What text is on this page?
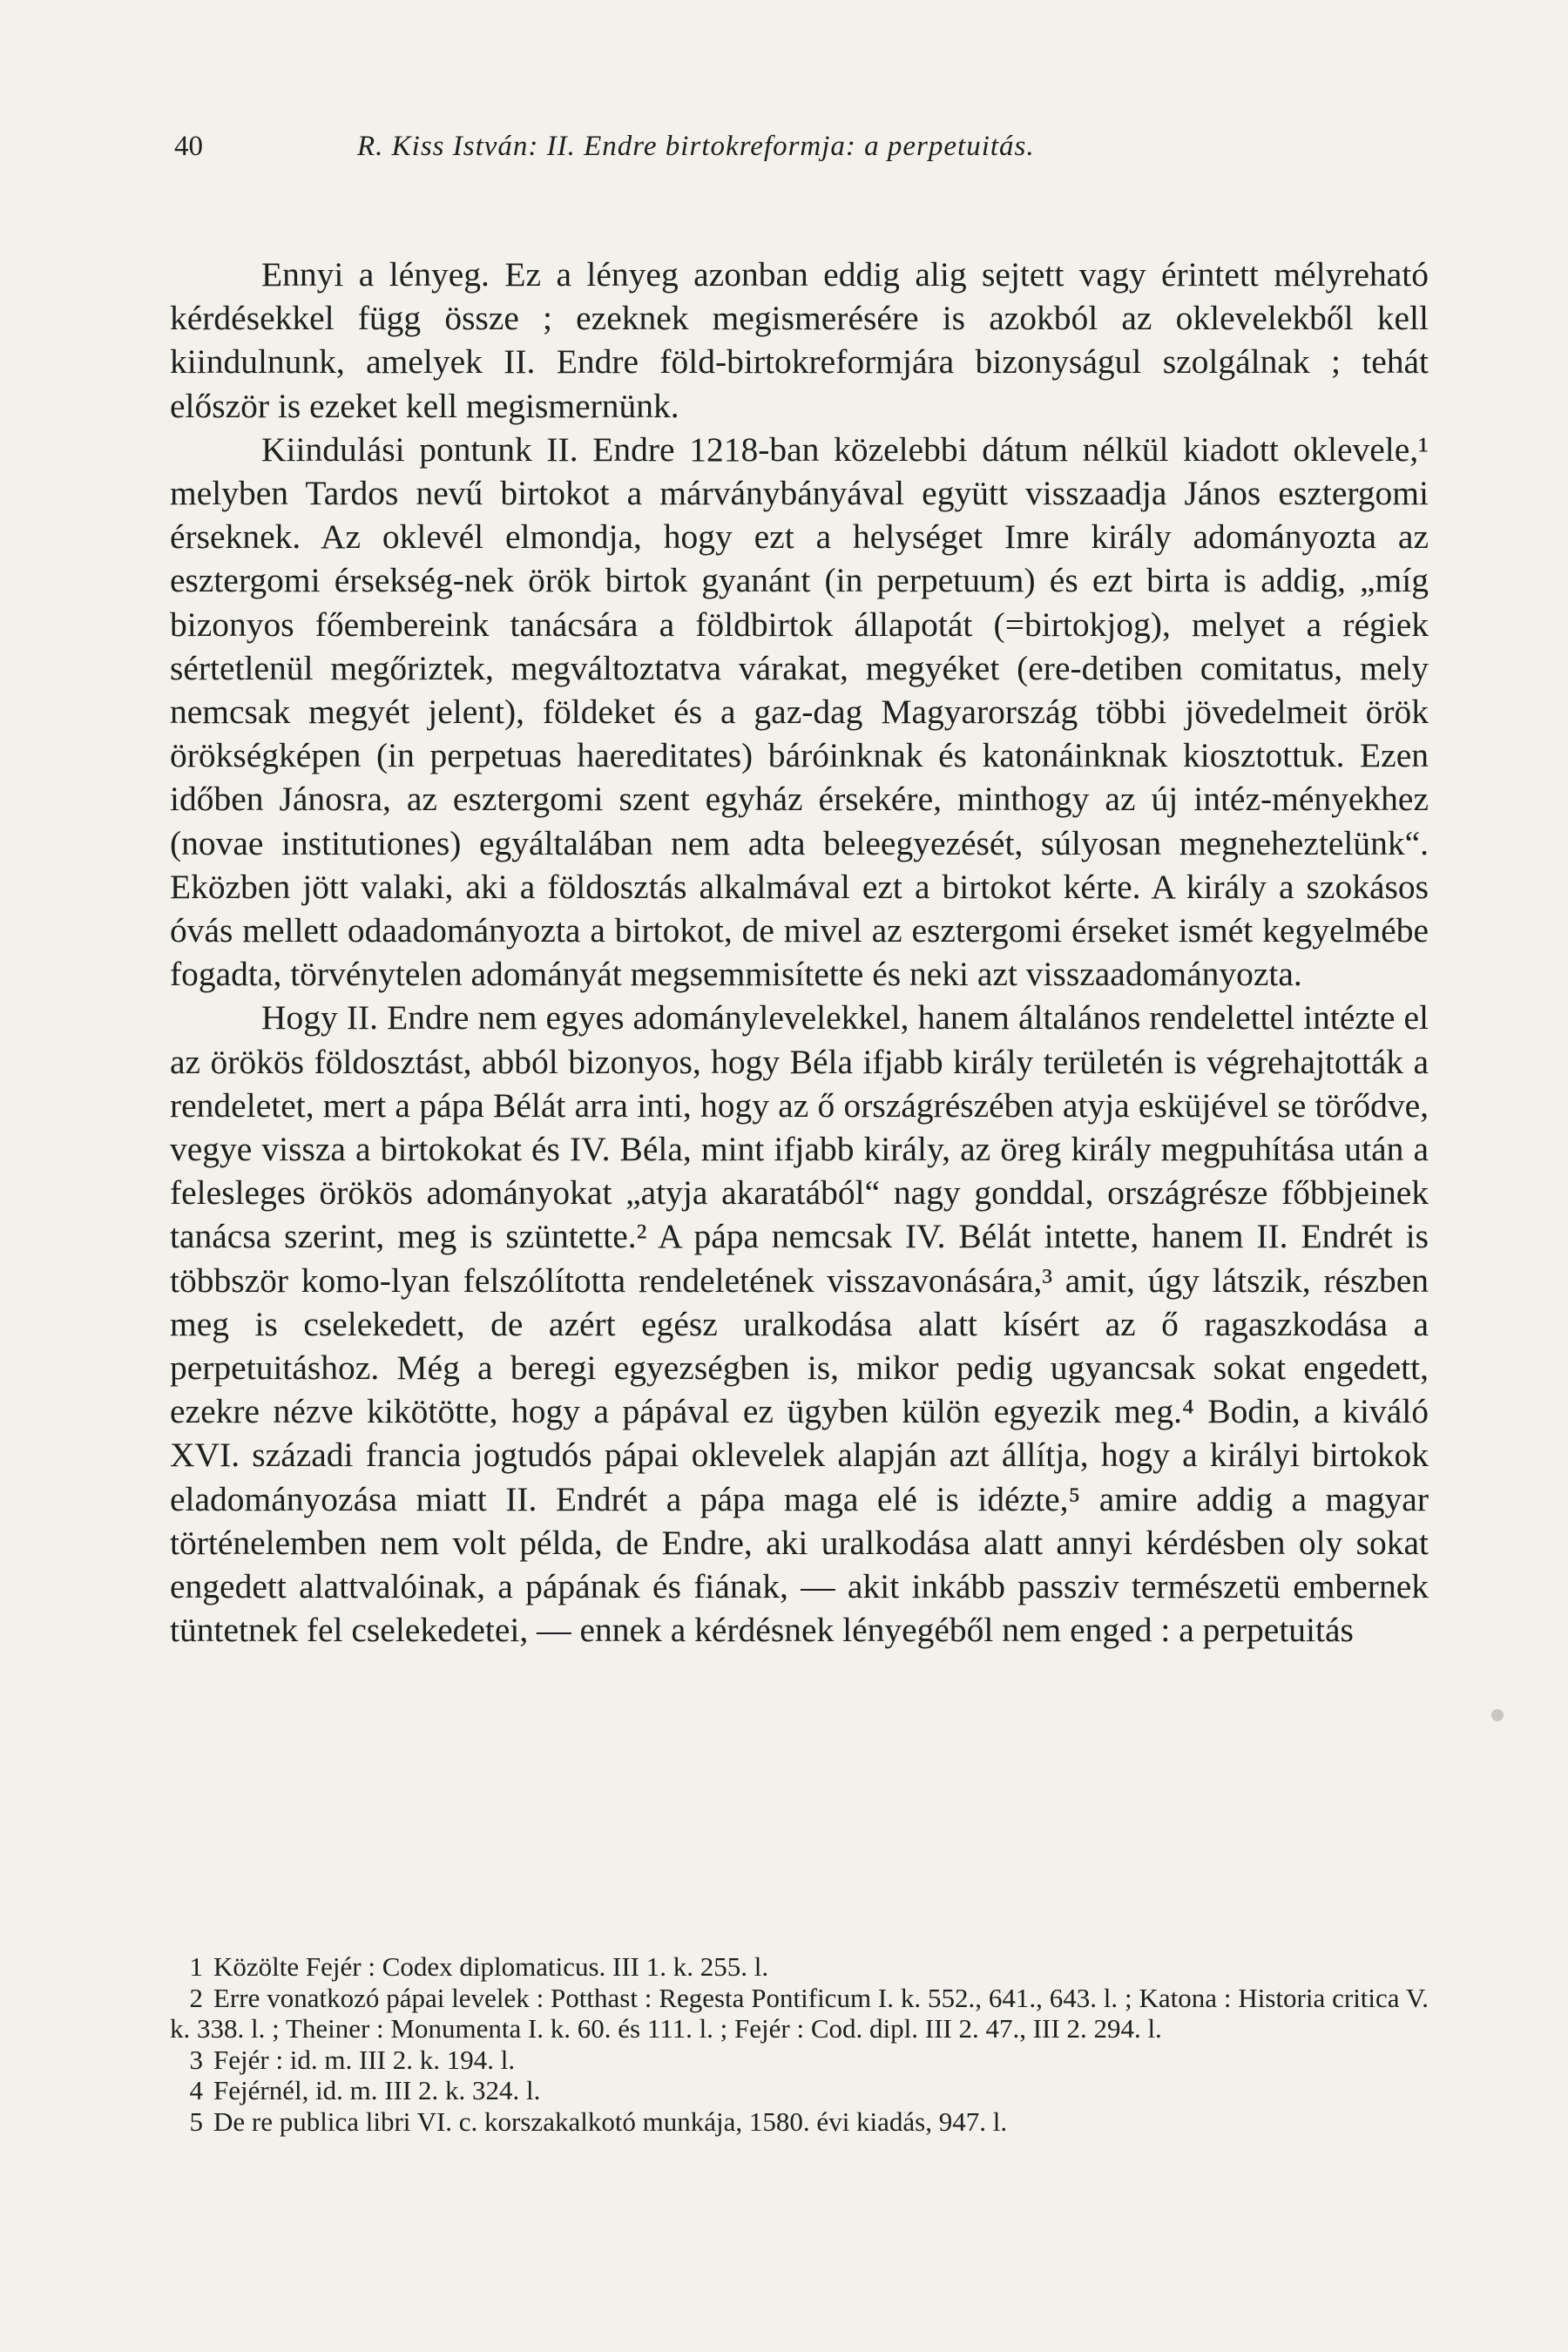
40	R. Kiss István: II. Endre birtokreformja: a perpetuitás.

Ennyi a lényeg. Ez a lényeg azonban eddig alig sejtett vagy érintett mélyreható kérdésekkel függ össze ; ezeknek megismerésére is azokból az oklevelekből kell kiindulnunk, amelyek II. Endre föld-birtokreformjára bizonyságul szolgálnak ; tehát először is ezeket kell megismernünk.

Kiindulási pontunk II. Endre 1218-ban közelebbi dátum nélkül kiadott oklevele,¹ melyben Tardos nevű birtokot a márványbányával együtt visszaadja János esztergomi érseknek. Az oklevél elmondja, hogy ezt a helységet Imre király adományozta az esztergomi érsekség-nek örök birtok gyanánt (in perpetuum) és ezt birta is addig, „míg bizonyos főembereink tanácsára a földbirtok állapotát (=birtokjog), melyet a régiek sértetlenül megőriztek, megváltoztatva várakat, megyéket (ere-detiben comitatus, mely nemcsak megyét jelent), földeket és a gaz-dag Magyarország többi jövedelmeit örök örökségképen (in perpetuas haereditates) báróinknak és katonáinknak kiosztottuk. Ezen időben Jánosra, az esztergomi szent egyház érsekére, minthogy az új intéz-ményekhez (novae institutiones) egyáltalában nem adta beleegyezését, súlyosan megneheztelünk“. Eközben jött valaki, aki a földosztás alkalmával ezt a birtokot kérte. A király a szokásos óvás mellett odaadományozta a birtokot, de mivel az esztergomi érseket ismét kegyelmébe fogadta, törvénytelen adományát megsemmisítette és neki azt visszaadományozta.

Hogy II. Endre nem egyes adománylevelekkel, hanem általános rendelettel intézte el az örökös földosztást, abból bizonyos, hogy Béla ifjabb király területén is végrehajtották a rendeletet, mert a pápa Bélát arra inti, hogy az ő országrészében atyja esküjével se törődve, vegye vissza a birtokokat és IV. Béla, mint ifjabb király, az öreg király megpuhítása után a felesleges örökös adományokat „atyja akaratából“ nagy gonddal, országrésze főbbjeinek tanácsa szerint, meg is szüntette.² A pápa nemcsak IV. Bélát intette, hanem II. Endrét is többször komo-lyan felszólította rendeletének visszavonására,³ amit, úgy látszik, részben meg is cselekedett, de azért egész uralkodása alatt kísért az ő ragaszkodása a perpetuitáshoz. Még a beregi egyezségben is, mikor pedig ugyancsak sokat engedett, ezekre nézve kikötötte, hogy a pápával ez ügyben külön egyezik meg.⁴ Bodin, a kiváló XVI. századi francia jogtudós pápai oklevelek alapján azt állítja, hogy a királyi birtokok eladományozása miatt II. Endrét a pápa maga elé is idézte,⁵ amire addig a magyar történelemben nem volt példa, de Endre, aki uralkodása alatt annyi kérdésben oly sokat engedett alattvalóinak, a pápának és fiának, — akit inkább passziv természetü embernek tüntetnek fel cselekedetei, — ennek a kérdésnek lényegéből nem enged : a perpetuitás

1 Közölte Fejér : Codex diplomaticus. III 1. k. 255. l.
2 Erre vonatkozó pápai levelek : Potthast : Regesta Pontificum I. k. 552., 641., 643. l. ; Katona : Historia critica V. k. 338. l. ; Theiner : Monumenta I. k. 60. és 111. l. ; Fejér : Cod. dipl. III 2. 47., III 2. 294. l.
3 Fejér : id. m. III 2. k. 194. l.
4 Fejérnél, id. m. III 2. k. 324. l.
5 De re publica libri VI. c. korszakalkotó munkája, 1580. évi kiadás, 947. l.
